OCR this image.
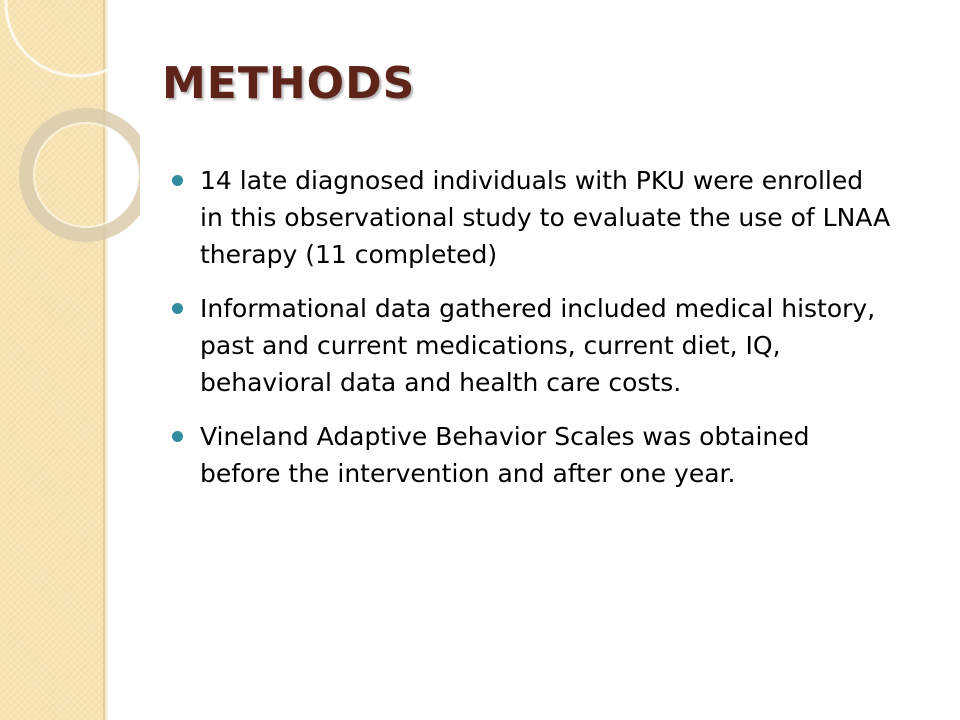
METHODS
14 late diagnosed individuals with PKU were enrolled in this observational study to evaluate the use of LNAA therapy (11 completed)
Informational data gathered included medical history, past and current medications, current diet, IQ, behavioral data and health care costs.
Vineland Adaptive Behavior Scales was obtained before the intervention and after one year.
